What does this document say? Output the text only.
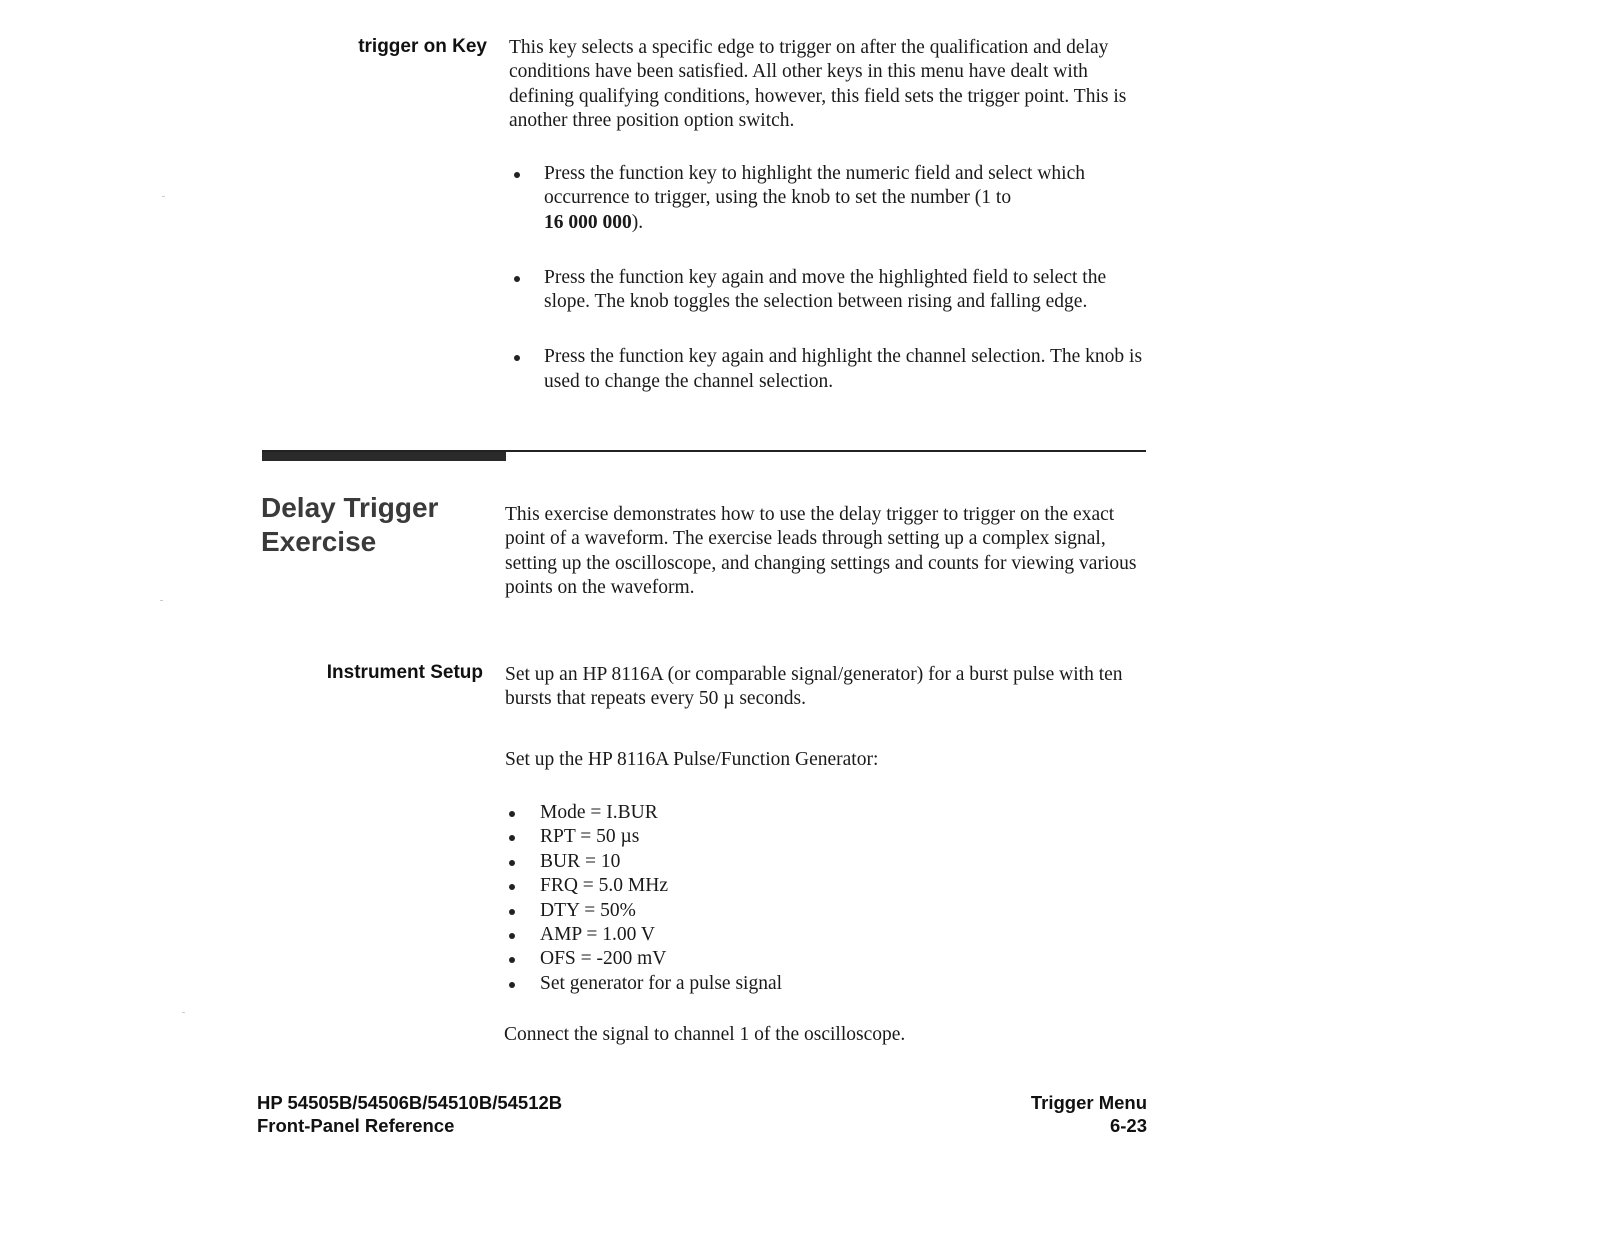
trigger on Key This key selects a specific edge to trigger on after the qualification and delay conditions have been satisfied. All other keys in this menu have dealt with defining qualifying conditions, however, this field sets the trigger point. This is another three position option switch.

Press the function key to highlight the numeric field and select which occurrence to trigger, using the knob to set the number (1 to
16 000 000).
Press the function key again and move the highlighted field to select the slope. The knob toggles the selection between rising and falling edge.
Press the function key again and highlight the channel selection. The knob is used to change the channel selection.
Delay Trigger
Exercise

This exercise demonstrates how to use the delay trigger to trigger on the exact point of a waveform. The exercise leads through setting up a complex signal, setting up the oscilloscope, and changing settings and counts for viewing various points on the waveform.

Instrument Setup Set up an HP 8116A (or comparable signal/generator) for a burst pulse with ten bursts that repeats every 50 µ seconds.

Set up the HP 8116A Pulse/Function Generator:

Mode = I.BUR
RPT = 50 µs
BUR = 10
FRQ = 5.0 MHz
DTY = 50%
AMP = 1.00 V
OFS = -200 mV
Set generator for a pulse signal

Connect the signal to channel 1 of the oscilloscope.

HP 54505B/54506B/54510B/54512B
Front-Panel Reference
Trigger Menu
6-23
